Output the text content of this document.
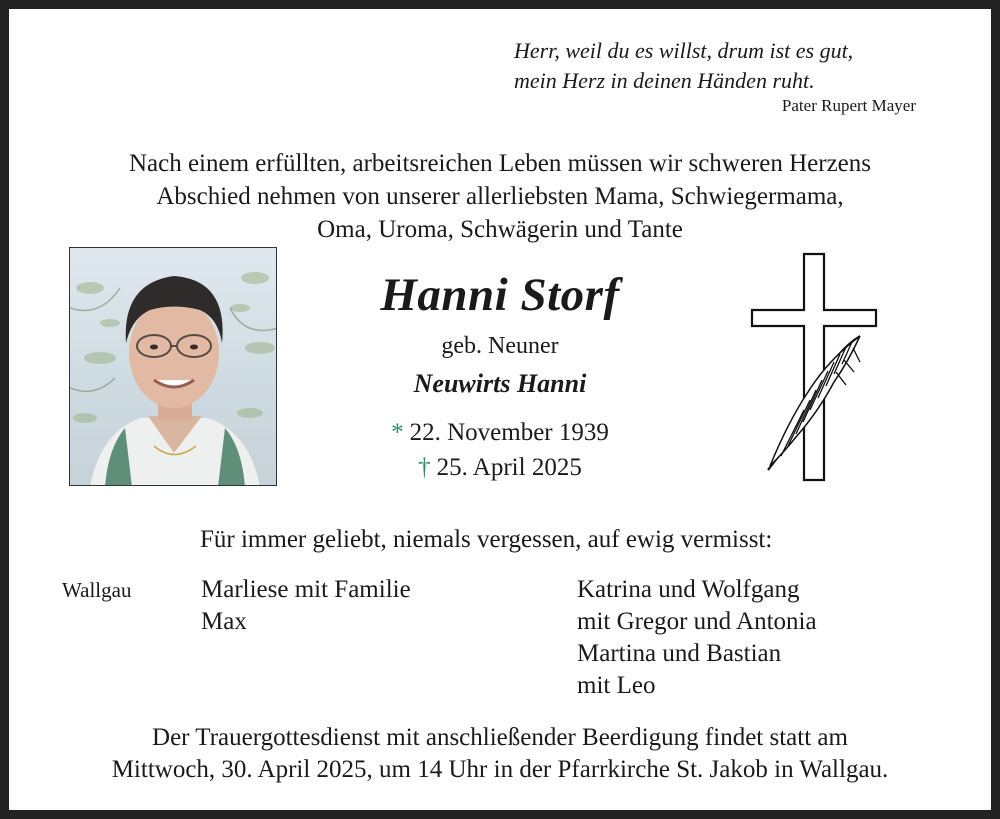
Herr, weil du es willst, drum ist es gut,
mein Herz in deinen Händen ruht.
Pater Rupert Mayer
Nach einem erfüllten, arbeitsreichen Leben müssen wir schweren Herzens
Abschied nehmen von unserer allerliebsten Mama, Schwiegermama,
Oma, Uroma, Schwägerin und Tante
Hanni Storf
geb. Neuner
Neuwirts Hanni
* 22. November 1939
† 25. April 2025
Für immer geliebt, niemals vergessen, auf ewig vermisst:
Wallgau	Marliese mit Familie
Max
Katrina und Wolfgang
mit Gregor und Antonia
Martina und Bastian
mit Leo
Der Trauergottesdienst mit anschließender Beerdigung findet statt am
Mittwoch, 30. April 2025, um 14 Uhr in der Pfarrkirche St. Jakob in Wallgau.
